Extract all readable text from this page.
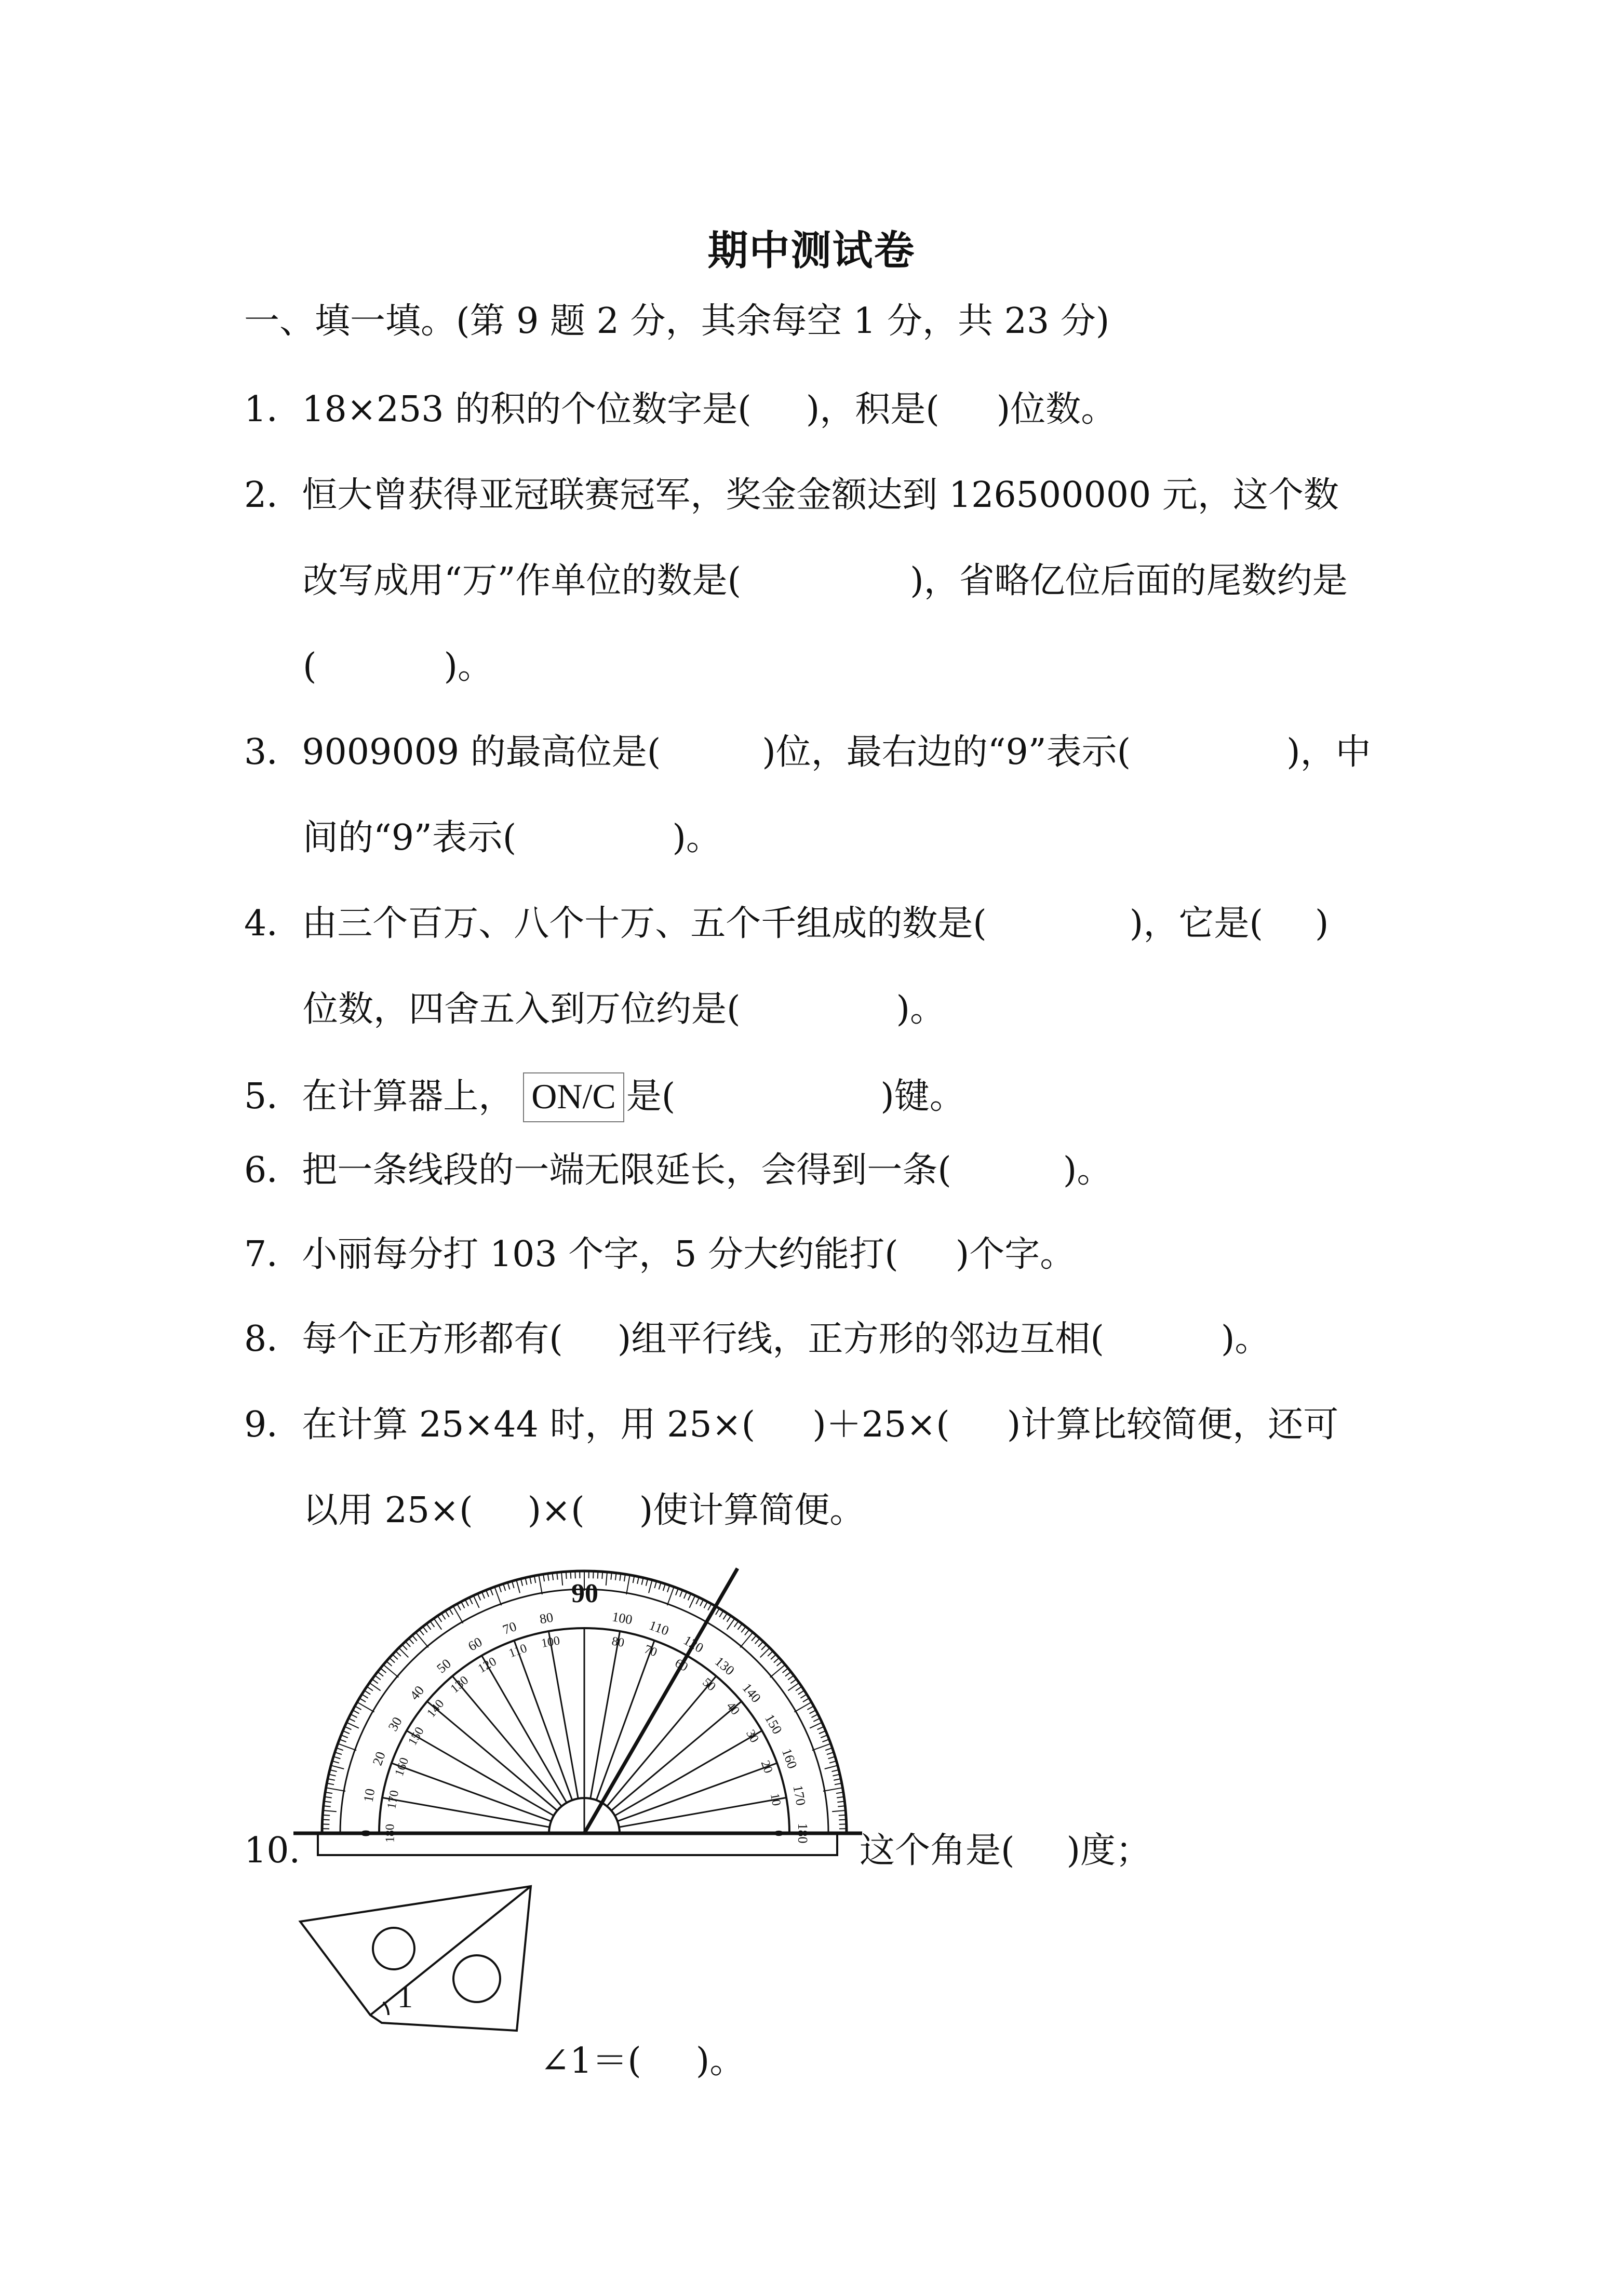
期中测试卷
一、填一填。(第 9 题 2 分，其余每空 1 分，共 23 分)
1．18×253 的积的个位数字是( )，积是( )位数。
2．恒大曾获得亚冠联赛冠军，奖金金额达到 126500000 元，这个数
改写成用“万”作单位的数是(	)，省略亿位后面的尾数约是
(	)。
3．9009009 的最高位是(	)位，最右边的“9”表示(	)，中
间的“9”表示(	)。
4．由三个百万、八个十万、五个千组成的数是(	)，它是( )
位数，四舍五入到万位约是(	)。
5．在计算器上， ON/C 是(	)键。
6．把一条线段的一端无限延长，会得到一条(	)。
7．小丽每分打 103 个字，5 分大约能打( )个字。
8．每个正方形都有( )组平行线，正方形的邻边互相(	)。
9．在计算 25×44 时，用 25×( )＋25×( )计算比较简便，还可
以用 25×( )×( )使计算简便。
10.	这个角是( )度；
∠1＝( )。
180
170
160
150
140
130
120
110
100
80
70
60
50
40
30
20
10
0	0
10
20
30
40
50
60
70
80
100
110
120
130
140
150
160
170
180
90
1
